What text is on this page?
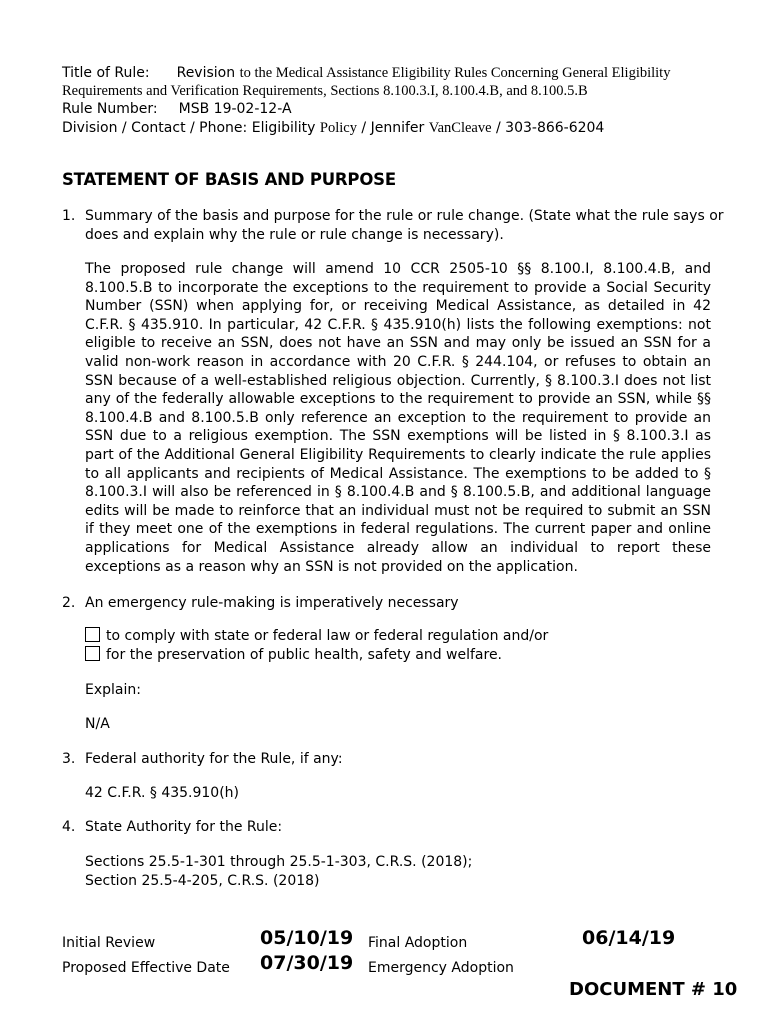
Title of Rule: Revision to the Medical Assistance Eligibility Rules Concerning General Eligibility
Requirements and Verification Requirements, Sections 8.100.3.I, 8.100.4.B, and 8.100.5.B
Rule Number: MSB 19-02-12-A
Division / Contact / Phone: Eligibility Policy / Jennifer VanCleave / 303-866-6204
STATEMENT OF BASIS AND PURPOSE
1. Summary of the basis and purpose for the rule or rule change. (State what the rule says or
does and explain why the rule or rule change is necessary).
The proposed rule change will amend 10 CCR 2505-10 §§ 8.100.I, 8.100.4.B, and 8.100.5.B to incorporate the exceptions to the requirement to provide a Social Security Number (SSN) when applying for, or receiving Medical Assistance, as detailed in 42 C.F.R. § 435.910. In particular, 42 C.F.R. § 435.910(h) lists the following exemptions: not eligible to receive an SSN, does not have an SSN and may only be issued an SSN for a valid non-work reason in accordance with 20 C.F.R. § 244.104, or refuses to obtain an SSN because of a well-established religious objection. Currently, § 8.100.3.I does not list any of the federally allowable exceptions to the requirement to provide an SSN, while §§ 8.100.4.B and 8.100.5.B only reference an exception to the requirement to provide an SSN due to a religious exemption. The SSN exemptions will be listed in § 8.100.3.I as part of the Additional General Eligibility Requirements to clearly indicate the rule applies to all applicants and recipients of Medical Assistance. The exemptions to be added to § 8.100.3.I will also be referenced in § 8.100.4.B and § 8.100.5.B, and additional language edits will be made to reinforce that an individual must not be required to submit an SSN if they meet one of the exemptions in federal regulations. The current paper and online applications for Medical Assistance already allow an individual to report these exceptions as a reason why an SSN is not provided on the application.
2. An emergency rule-making is imperatively necessary
to comply with state or federal law or federal regulation and/or
for the preservation of public health, safety and welfare.
Explain:
N/A
3. Federal authority for the Rule, if any:
42 C.F.R. § 435.910(h)
4. State Authority for the Rule:
Sections 25.5-1-301 through 25.5-1-303, C.R.S. (2018);
Section 25.5-4-205, C.R.S. (2018)
Initial Review	05/10/19 Final Adoption	06/14/19
Proposed Effective Date 07/30/19 Emergency Adoption
DOCUMENT # 10
